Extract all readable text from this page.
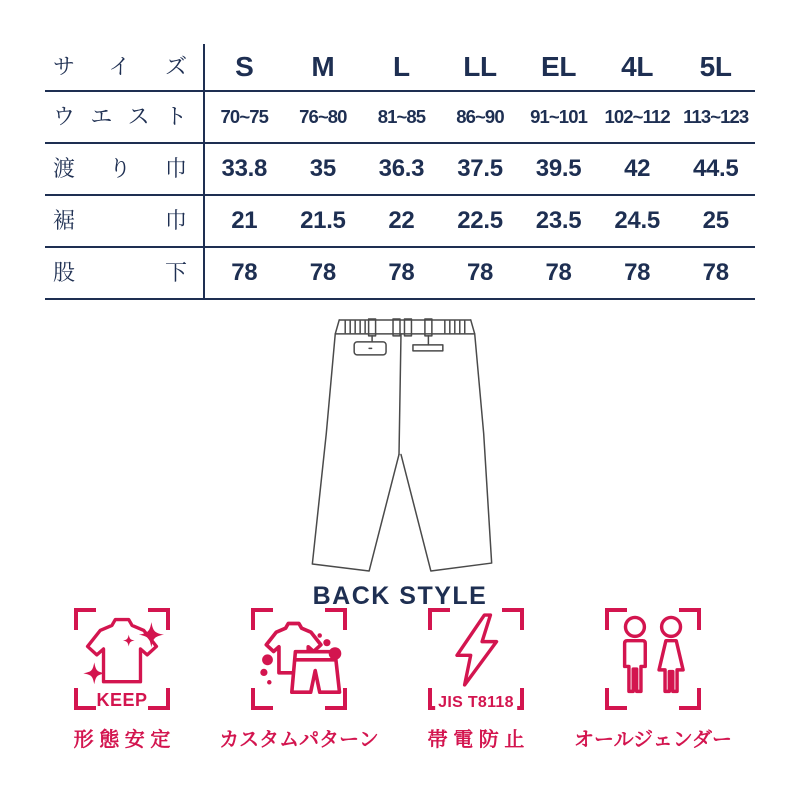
サイズ	S	M	L	LL	EL	4L	5L
ウエスト	70~75	76~80	81~85	86~90	91~101 102~112 113~123
渡り巾	33.8	35	36.3	37.5	39.5	42	44.5
裾巾	21	21.5	22	22.5	23.5	24.5	25
股下	78	78	78	78	78	78	78
BACK STYLE
KEEP
形態安定 カスタムパターン
JIS T8118
帯電防止 オールジェンダー
